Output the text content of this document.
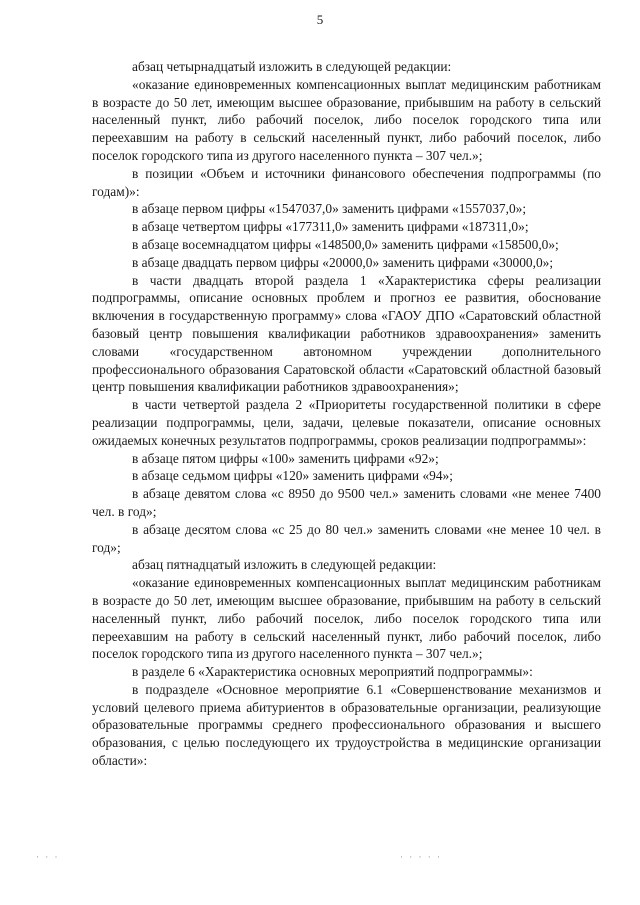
5

абзац четырнадцатый изложить в следующей редакции:

«оказание единовременных компенсационных выплат медицинским работникам в возрасте до 50 лет, имеющим высшее образование, прибывшим на работу в сельский населенный пункт, либо рабочий поселок, либо поселок городского типа или переехавшим на работу в сельский населенный пункт, либо рабочий поселок, либо поселок городского типа из другого населенного пункта – 307 чел.»;

в позиции «Объем и источники финансового обеспечения подпрограммы (по годам)»:

в абзаце первом цифры «1547037,0» заменить цифрами «1557037,0»;

в абзаце четвертом цифры «177311,0» заменить цифрами «187311,0»;

в абзаце восемнадцатом цифры «148500,0» заменить цифрами «158500,0»;

в абзаце двадцать первом цифры «20000,0» заменить цифрами «30000,0»;

в части двадцать второй раздела 1 «Характеристика сферы реализации подпрограммы, описание основных проблем и прогноз ее развития, обоснование включения в государственную программу» слова «ГАОУ ДПО «Саратовский областной базовый центр повышения квалификации работников здравоохранения» заменить словами «государственном автономном учреждении дополнительного профессионального образования Саратовской области «Саратовский областной базовый центр повышения квалификации работников здравоохранения»;

в части четвертой раздела 2 «Приоритеты государственной политики в сфере реализации подпрограммы, цели, задачи, целевые показатели, описание основных ожидаемых конечных результатов подпрограммы, сроков реализации подпрограммы»:

в абзаце пятом цифры «100» заменить цифрами «92»;

в абзаце седьмом цифры «120» заменить цифрами «94»;

в абзаце девятом слова «с 8950 до 9500 чел.» заменить словами «не менее 7400 чел. в год»;

в абзаце десятом слова «с 25 до 80 чел.» заменить словами «не менее 10 чел. в год»;

абзац пятнадцатый изложить в следующей редакции:

«оказание единовременных компенсационных выплат медицинским работникам в возрасте до 50 лет, имеющим высшее образование, прибывшим на работу в сельский населенный пункт, либо рабочий поселок, либо поселок городского типа или переехавшим на работу в сельский населенный пункт, либо рабочий поселок, либо поселок городского типа из другого населенного пункта – 307 чел.»;

в разделе 6 «Характеристика основных мероприятий подпрограммы»:

в подразделе «Основное мероприятие 6.1 «Совершенствование механизмов и условий целевого приема абитуриентов в образовательные организации, реализующие образовательные программы среднего профессионального образования и высшего образования, с целью последующего их трудоустройства в медицинские организации области»:

· · ·	· · · · ·
